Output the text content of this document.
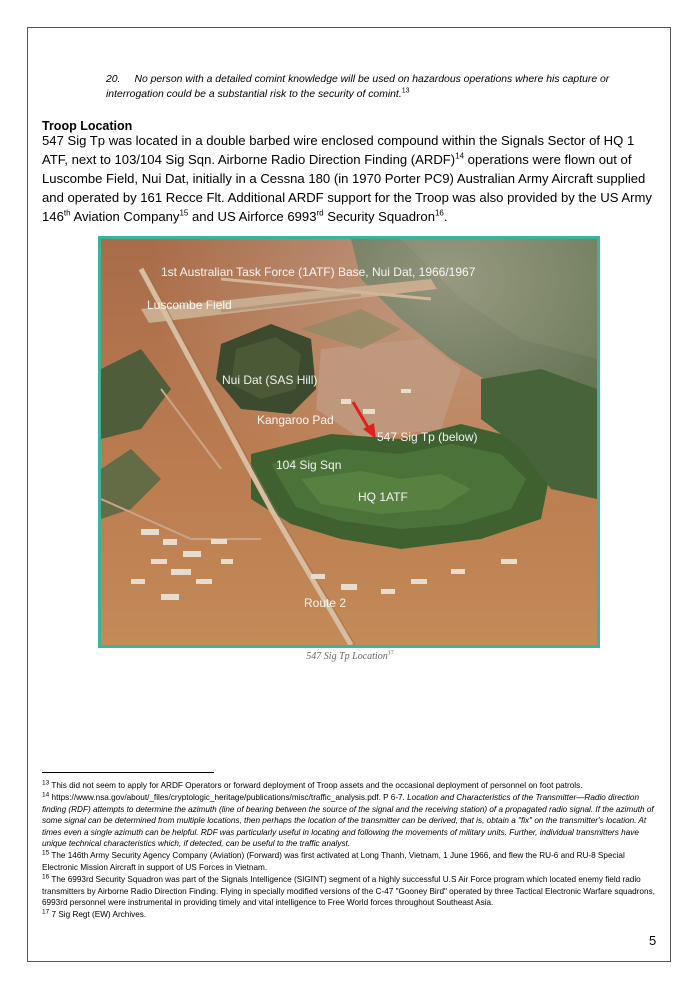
20. No person with a detailed comint knowledge will be used on hazardous operations where his capture or interrogation could be a substantial risk to the security of comint.$^{13}$
Troop Location
547 Sig Tp was located in a double barbed wire enclosed compound within the Signals Sector of HQ 1 ATF, next to 103/104 Sig Sqn. Airborne Radio Direction Finding (ARDF)$^{14}$ operations were flown out of Luscombe Field, Nui Dat, initially in a Cessna 180 (in 1970 Porter PC9) Australian Army Aircraft supplied and operated by 161 Recce Flt. Additional ARDF support for the Troop was also provided by the US Army 146th Aviation Company$^{15}$ and US Airforce 6993rd Security Squadron$^{16}$.
1st Australian Task Force (1ATF) Base, Nui Dat, 1966/1967
Luscombe Field
Nui Dat (SAS Hill)
Kangaroo Pad
547 Sig Tp (below)
104 Sig Sqn
HQ 1ATF
Route 2
547 Sig Tp Location$^{17}$
$^{13}$ This did not seem to apply for ARDF Operators or forward deployment of Troop assets and the occasional deployment of personnel on foot patrols.
$^{14}$ https://www.nsa.gov/about/_files/cryptologic_heritage/publications/misc/traffic_analysis.pdf. P 6-7. Location and Characteristics of the Transmitter—Radio direction finding (RDF) attempts to determine the azimuth (line of bearing between the source of the signal and the receiving station) of a propagated radio signal. If the azimuth of some signal can be determined from multiple locations, then perhaps the location of the transmitter can be derived, that is, obtain a "fix" on the transmitter's location. At times even a single azimuth can be helpful. RDF was particularly useful in locating and following the movements of military units. Further, individual transmitters have unique technical characteristics which, if detected, can be useful to the traffic analyst.
$^{15}$ The 146th Army Security Agency Company (Aviation) (Forward) was first activated at Long Thanh, Vietnam, 1 June 1966, and flew the RU-6 and RU-8 Special Electronic Mission Aircraft in support of US Forces in Vietnam.
$^{16}$ The 6993rd Security Squadron was part of the Signals Intelligence (SIGINT) segment of a highly successful U.S Air Force program which located enemy field radio transmitters by Airborne Radio Direction Finding. Flying in specially modified versions of the C-47 "Gooney Bird" operated by three Tactical Electronic Warfare squadrons, 6993rd personnel were instrumental in providing timely and vital intelligence to Free World forces throughout Southeast Asia.
$^{17}$ 7 Sig Regt (EW) Archives.
5
